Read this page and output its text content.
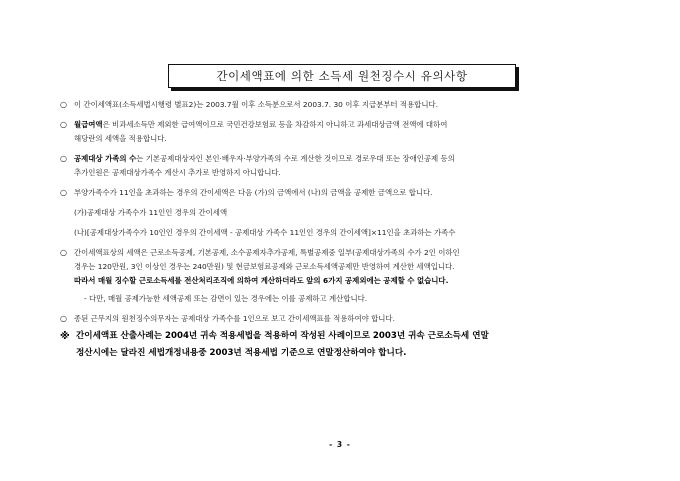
간이세액표에 의한 소득세 원천징수시 유의사항
○ 이 간이세액표(소득세법시행령 별표2)는 2003.7월 이후 소득분으로서 2003.7. 30 이후 지급분부터 적용합니다.
○ 월급여액은 비과세소득만 제외한 급여액이므로 국민건강보험료 등을 차감하지 아니하고 과세대상금액 전액에 대하여
해당란의 세액을 적용합니다.
○ 공제대상 가족의 수는 기본공제대상자인 본인·배우자·부양가족의 수로 계산한 것이므로 경로우대 또는 장애인공제 등의
추가인원은 공제대상가족수 계산시 추가로 반영하지 아니합니다.
○ 부양가족수가 11인을 초과하는 경우의 간이세액은 다음 (가)의 금액에서 (나)의 금액을 공제한 금액으로 합니다.
(가)공제대상 가족수가 11인인 경우의 간이세액
(나)[공제대상가족수가 10인인 경우의 간이세액 - 공제대상 가족수 11인인 경우의 간이세액]×11인을 초과하는 가족수
○ 간이세액표상의 세액은 근로소득공제, 기본공제, 소수공제자추가공제, 특별공제중 일부(공제대상가족의 수가 2인 이하인
경우는 120만원, 3인 이상인 경우는 240만원) 및 현금보험료공제와 근로소득세액공제만 반영하여 계산한 세액입니다.
따라서 매월 징수할 근로소득세를 전산처리조직에 의하여 계산하더라도 앞의 6가지 공제외에는 공제할 수 없습니다.
- 다만, 매월 공제가능한 세액공제 또는 감면이 있는 경우에는 이를 공제하고 계산합니다.
○ 종된 근무지의 원천징수의무자는 공제대상 가족수를 1인으로 보고 간이세액표를 적용하여야 합니다.
※ 간이세액표 산출사례는 2004년 귀속 적용세법을 적용하여 작성된 사례이므로 2003년 귀속 근로소득세 연말
정산시에는 달라진 세법개정내용중 2003년 적용세법 기준으로 연말정산하여야 합니다.
- 3 -
